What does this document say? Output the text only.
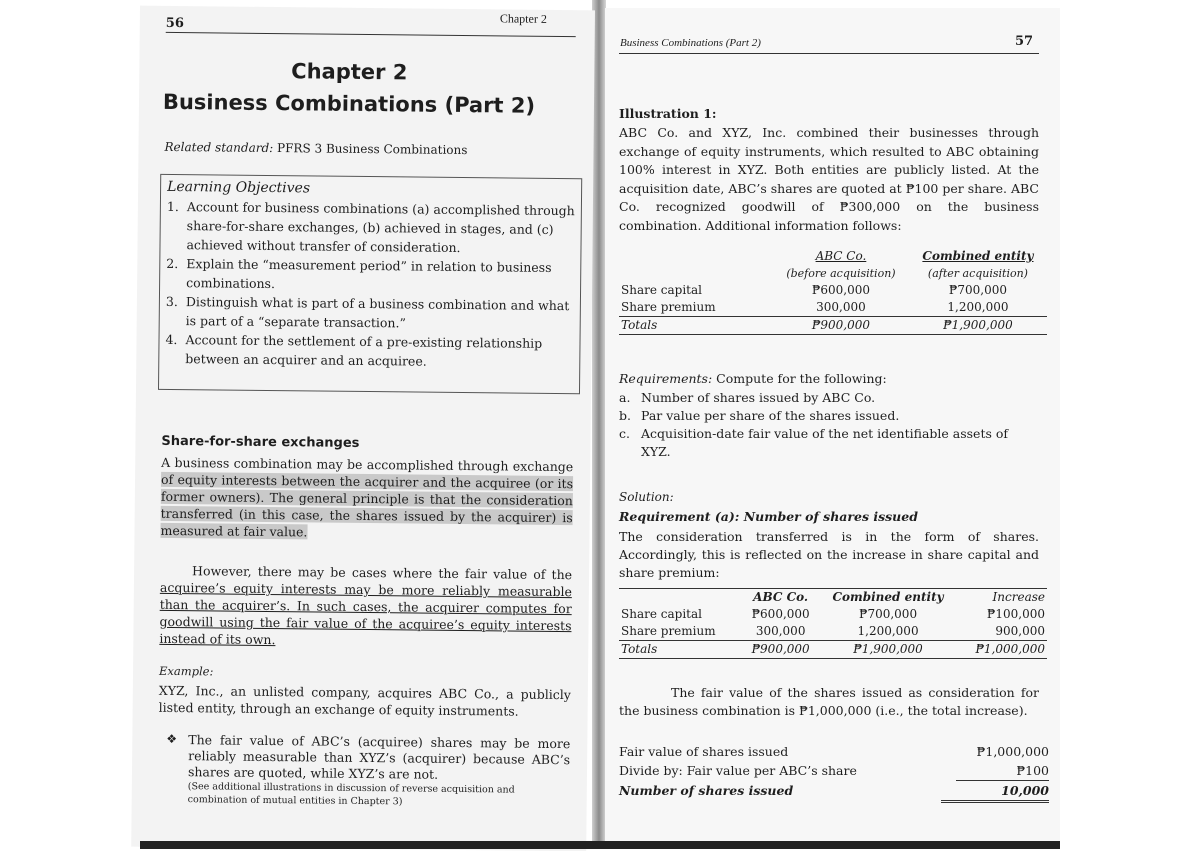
56	Chapter 2
Chapter 2
Business Combinations (Part 2)
Related standard: PFRS 3 Business Combinations
Learning Objectives
1. Account for business combinations (a) accomplished through share-for-share exchanges, (b) achieved in stages, and (c) achieved without transfer of consideration.
2. Explain the “measurement period” in relation to business combinations.
3. Distinguish what is part of a business combination and what is part of a “separate transaction.”
4. Account for the settlement of a pre-existing relationship between an acquirer and an acquiree.
Share-for-share exchanges
A business combination may be accomplished through exchange of equity interests between the acquirer and the acquiree (or its former owners). The general principle is that the consideration transferred (in this case, the shares issued by the acquirer) is measured at fair value.
However, there may be cases where the fair value of the acquiree’s equity interests may be more reliably measurable than the acquirer’s. In such cases, the acquirer computes for goodwill using the fair value of the acquiree’s equity interests instead of its own.
Example:
XYZ, Inc., an unlisted company, acquires ABC Co., a publicly listed entity, through an exchange of equity instruments.
❖ The fair value of ABC’s (acquiree) shares may be more reliably measurable than XYZ’s (acquirer) because ABC’s shares are quoted, while XYZ’s are not.
(See additional illustrations in discussion of reverse acquisition and combination of mutual entities in Chapter 3)
Business Combinations (Part 2)	57
Illustration 1:
ABC Co. and XYZ, Inc. combined their businesses through exchange of equity instruments, which resulted to ABC obtaining 100% interest in XYZ. Both entities are publicly listed. At the acquisition date, ABC’s shares are quoted at ₱100 per share. ABC Co. recognized goodwill of ₱300,000 on the business combination. Additional information follows:
	ABC Co.	Combined entity
	(before acquisition)	(after acquisition)
Share capital	₱600,000	₱700,000
Share premium	300,000	1,200,000
Totals	₱900,000	₱1,900,000
Requirements: Compute for the following:
a. Number of shares issued by ABC Co.
b. Par value per share of the shares issued.
c. Acquisition-date fair value of the net identifiable assets of XYZ.
Solution:
Requirement (a): Number of shares issued
The consideration transferred is in the form of shares. Accordingly, this is reflected on the increase in share capital and share premium:
	ABC Co.	Combined entity	Increase
Share capital	₱600,000	₱700,000	₱100,000
Share premium	300,000	1,200,000	900,000
Totals	₱900,000	₱1,900,000	₱1,000,000
The fair value of the shares issued as consideration for the business combination is ₱1,000,000 (i.e., the total increase).
Fair value of shares issued	₱1,000,000
Divide by: Fair value per ABC’s share	₱100
Number of shares issued	10,000
